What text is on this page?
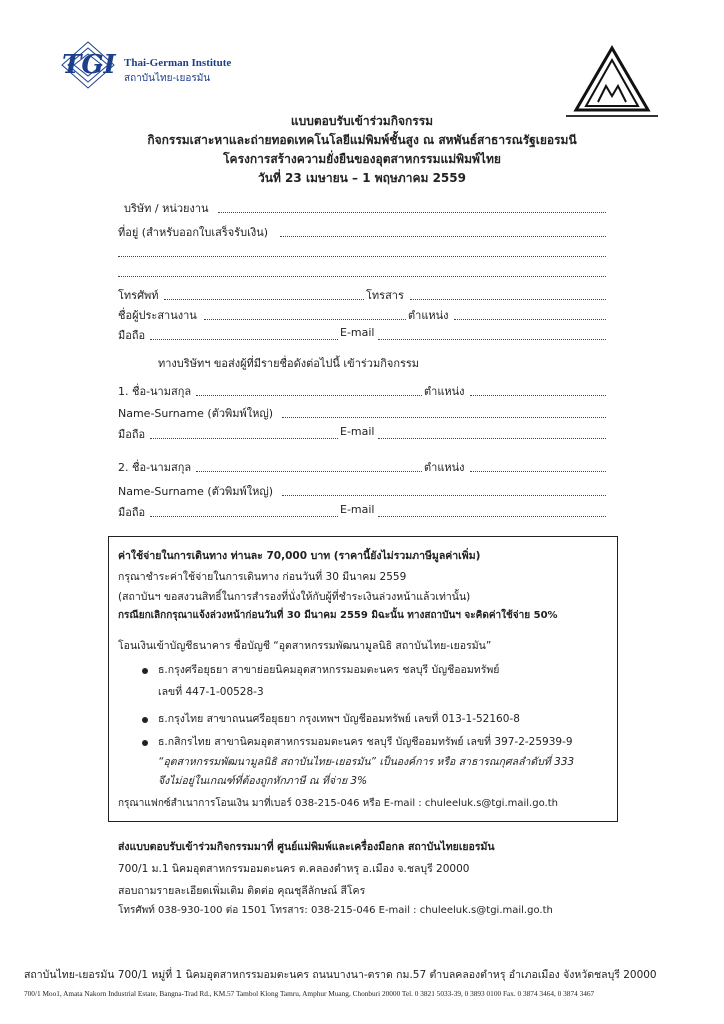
TGI Thai-German Institute
สถาบันไทย-เยอรมัน
แบบตอบรับเข้าร่วมกิจกรรม
กิจกรรมเสาะหาและถ่ายทอดเทคโนโลยีแม่พิมพ์ชั้นสูง ณ สหพันธ์สาธารณรัฐเยอรมนี
โครงการสร้างความยั่งยืนของอุตสาหกรรมแม่พิมพ์ไทย
วันที่ 23 เมษายน – 1 พฤษภาคม 2559
บริษัท / หน่วยงาน
ที่อยู่ (สำหรับออกใบเสร็จรับเงิน)
โทรศัพท์	โทรสาร
ชื่อผู้ประสานงาน	ตำแหน่ง
มือถือ	E-mail
ทางบริษัทฯ ขอส่งผู้ที่มีรายชื่อดังต่อไปนี้ เข้าร่วมกิจกรรม
1. ชื่อ-นามสกุล	ตำแหน่ง
Name-Surname (ตัวพิมพ์ใหญ่)
มือถือ	E-mail
2. ชื่อ-นามสกุล	ตำแหน่ง
Name-Surname (ตัวพิมพ์ใหญ่)
มือถือ	E-mail
ค่าใช้จ่ายในการเดินทาง ท่านละ 70,000 บาท (ราคานี้ยังไม่รวมภาษีมูลค่าเพิ่ม)
กรุณาชำระค่าใช้จ่ายในการเดินทาง ก่อนวันที่ 30 มีนาคม 2559
(สถาบันฯ ขอสงวนสิทธิ์ในการสำรองที่นั่งให้กับผู้ที่ชำระเงินล่วงหน้าแล้วเท่านั้น)
กรณียกเลิกกรุณาแจ้งล่วงหน้าก่อนวันที่ 30 มีนาคม 2559 มิฉะนั้น ทางสถาบันฯ จะคิดค่าใช้จ่าย 50%
โอนเงินเข้าบัญชีธนาคาร ชื่อบัญชี “อุตสาหกรรมพัฒนามูลนิธิ สถาบันไทย-เยอรมัน”
ธ.กรุงศรีอยุธยา สาขาย่อยนิคมอุตสาหกรรมอมตะนคร ชลบุรี บัญชีออมทรัพย์
เลขที่ 447-1-00528-3
ธ.กรุงไทย สาขาถนนศรีอยุธยา กรุงเทพฯ บัญชีออมทรัพย์ เลขที่ 013-1-52160-8
ธ.กสิกรไทย สาขานิคมอุตสาหกรรมอมตะนคร ชลบุรี บัญชีออมทรัพย์ เลขที่ 397-2-25939-9
“อุตสาหกรรมพัฒนามูลนิธิ สถาบันไทย-เยอรมัน” เป็นองค์การ หรือ สาธารณกุศลลำดับที่ 333
จึงไม่อยู่ในเกณฑ์ที่ต้องถูกหักภาษี ณ ที่จ่าย 3%
กรุณาแฟกซ์สำเนาการโอนเงิน มาที่เบอร์ 038-215-046 หรือ E-mail : chuleeluk.s@tgi.mail.go.th
ส่งแบบตอบรับเข้าร่วมกิจกรรมมาที่ ศูนย์แม่พิมพ์และเครื่องมือกล สถาบันไทยเยอรมัน
700/1 ม.1 นิคมอุตสาหกรรมอมตะนคร ต.คลองตำหรุ อ.เมือง จ.ชลบุรี 20000
สอบถามรายละเอียดเพิ่มเติม ติดต่อ คุณชุลีลักษณ์ สีโคร
โทรศัพท์ 038-930-100 ต่อ 1501 โทรสาร: 038-215-046 E-mail : chuleeluk.s@tgi.mail.go.th
สถาบันไทย-เยอรมัน 700/1 หมู่ที่ 1 นิคมอุตสาหกรรมอมตะนคร ถนนบางนา-ตราด กม.57 ตำบลคลองตำหรุ อำเภอเมือง จังหวัดชลบุรี 20000
700/1 Moo1, Amata Nakorn Industrial Estate, Bangna-Trad Rd., KM.57 Tambol Klong Tamru, Amphur Muang, Chonburi 20000 Tel. 0 3821 5033-39, 0 3893 0100 Fax. 0 3874 3464, 0 3874 3467
